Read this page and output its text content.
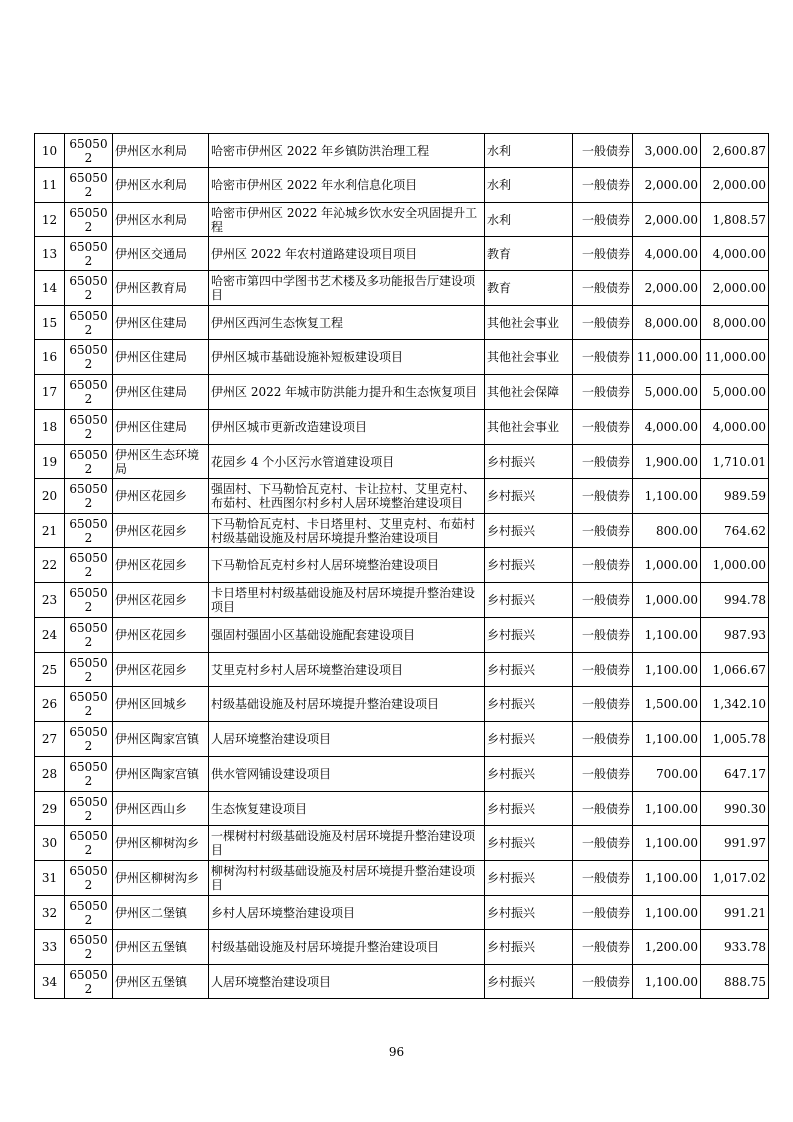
10	650502	伊州区水利局	哈密市伊州区 2022 年乡镇防洪治理工程	水利	一般债券	3,000.00	2,600.87
11	650502	伊州区水利局	哈密市伊州区 2022 年水利信息化项目	水利	一般债券	2,000.00	2,000.00
12	650502	伊州区水利局	哈密市伊州区 2022 年沁城乡饮水安全巩固提升工程	水利	一般债券	2,000.00	1,808.57
13	650502	伊州区交通局	伊州区 2022 年农村道路建设项目项目	教育	一般债券	4,000.00	4,000.00
14	650502	伊州区教育局	哈密市第四中学图书艺术楼及多功能报告厅建设项目	教育	一般债券	2,000.00	2,000.00
15	650502	伊州区住建局	伊州区西河生态恢复工程	其他社会事业	一般债券	8,000.00	8,000.00
16	650502	伊州区住建局	伊州区城市基础设施补短板建设项目	其他社会事业	一般债券	11,000.00	11,000.00
17	650502	伊州区住建局	伊州区 2022 年城市防洪能力提升和生态恢复项目	其他社会保障	一般债券	5,000.00	5,000.00
18	650502	伊州区住建局	伊州区城市更新改造建设项目	其他社会事业	一般债券	4,000.00	4,000.00
19	650502	伊州区生态环境局	花园乡 4 个小区污水管道建设项目	乡村振兴	一般债券	1,900.00	1,710.01
20	650502	伊州区花园乡	强固村、下马勒恰瓦克村、卡让拉村、艾里克村、布茹村、杜西图尔村乡村人居环境整治建设项目	乡村振兴	一般债券	1,100.00	989.59
21	650502	伊州区花园乡	下马勒恰瓦克村、卡日塔里村、艾里克村、布茹村村级基础设施及村居环境提升整治建设项目	乡村振兴	一般债券	800.00	764.62
22	650502	伊州区花园乡	下马勒恰瓦克村乡村人居环境整治建设项目	乡村振兴	一般债券	1,000.00	1,000.00
23	650502	伊州区花园乡	卡日塔里村村级基础设施及村居环境提升整治建设项目	乡村振兴	一般债券	1,000.00	994.78
24	650502	伊州区花园乡	强固村强固小区基础设施配套建设项目	乡村振兴	一般债券	1,100.00	987.93
25	650502	伊州区花园乡	艾里克村乡村人居环境整治建设项目	乡村振兴	一般债券	1,100.00	1,066.67
26	650502	伊州区回城乡	村级基础设施及村居环境提升整治建设项目	乡村振兴	一般债券	1,500.00	1,342.10
27	650502	伊州区陶家宫镇	人居环境整治建设项目	乡村振兴	一般债券	1,100.00	1,005.78
28	650502	伊州区陶家宫镇	供水管网铺设建设项目	乡村振兴	一般债券	700.00	647.17
29	650502	伊州区西山乡	生态恢复建设项目	乡村振兴	一般债券	1,100.00	990.30
30	650502	伊州区柳树沟乡	一棵树村村级基础设施及村居环境提升整治建设项目	乡村振兴	一般债券	1,100.00	991.97
31	650502	伊州区柳树沟乡	柳树沟村村级基础设施及村居环境提升整治建设项目	乡村振兴	一般债券	1,100.00	1,017.02
32	650502	伊州区二堡镇	乡村人居环境整治建设项目	乡村振兴	一般债券	1,100.00	991.21
33	650502	伊州区五堡镇	村级基础设施及村居环境提升整治建设项目	乡村振兴	一般债券	1,200.00	933.78
34	650502	伊州区五堡镇	人居环境整治建设项目	乡村振兴	一般债券	1,100.00	888.75
96
